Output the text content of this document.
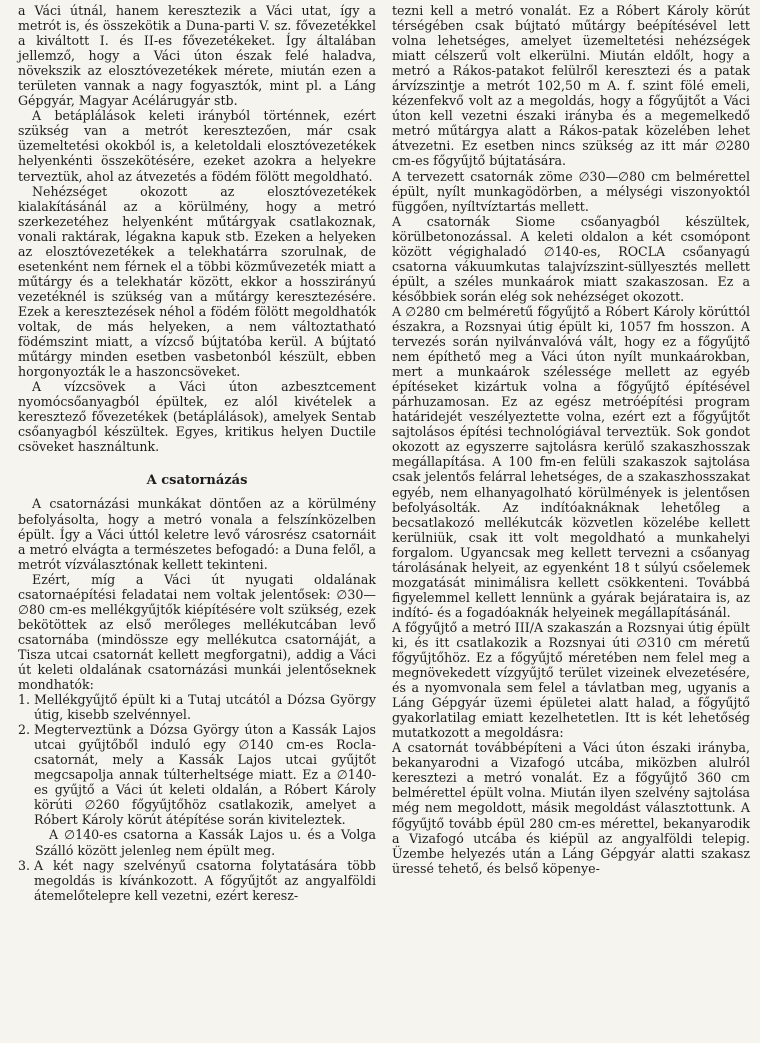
a Váci útnál, hanem keresztezik a Váci utat, így a metrót is, és összekötik a Duna-parti V. sz. fővezetékkel a kiváltott I. és II-es fővezetékeket. Így általában jellemző, hogy a Váci úton észak felé haladva, növekszik az elosztóvezetékek mérete, miután ezen a területen vannak a nagy fogyasztók, mint pl. a Láng Gépgyár, Magyar Acélárugyár stb.

A betáplálások keleti irányból történnek, ezért szükség van a metrót keresztezően, már csak üzemeltetési okokból is, a keletoldali elosztóvezetékek helyenkénti összekötésére, ezeket azokra a helyekre terveztük, ahol az átvezetés a födém fölött megoldható.

Nehézséget okozott az elosztóvezetékek kialakításánál az a körülmény, hogy a metró szerkezetéhez helyenként műtárgyak csatlakoznak, vonali raktárak, légakna kapuk stb. Ezeken a helyeken az elosztóvezetékek a telekhatárra szorulnak, de esetenként nem férnek el a többi közművezeték miatt a műtárgy és a telekhatár között, ekkor a hosszirányú vezetéknél is szükség van a műtárgy keresztezésére. Ezek a keresztezések néhol a födém fölött megoldhatók voltak, de más helyeken, a nem változtatható födémszint miatt, a vízcső bújtatóba kerül. A bújtató műtárgy minden esetben vasbetonból készült, ebben horgonyozták le a haszoncsöveket.

A vízcsövek a Váci úton azbesztcement nyomócsőanyagból épültek, ez alól kivételek a keresztező fővezetékek (betáplálások), amelyek Sentab csőanyagból készültek. Egyes, kritikus helyen Ductile csöveket használtunk.

A csatornázás

A csatornázási munkákat döntően az a körülmény befolyásolta, hogy a metró vonala a felszínközelben épült. Így a Váci úttól keletre levő városrész csatornáit a metró elvágta a természetes befogadó: a Duna felől, a metrót vízválasztónak kellett tekinteni.

Ezért, míg a Váci út nyugati oldalának csatornaépítési feladatai nem voltak jelentősek: ∅30—∅80 cm-es mellékgyűjtők kiépítésére volt szükség, ezek bekötöttek az első merőleges mellékutcában levő csatornába (mindössze egy mellékutca csatornáját, a Tisza utcai csatornát kellett megforgatni), addig a Váci út keleti oldalának csatornázási munkái jelentőseknek mondhatók:

1. Mellékgyűjtő épült ki a Tutaj utcától a Dózsa György útig, kisebb szelvénnyel.
2. Megterveztünk a Dózsa György úton a Kassák Lajos utcai gyűjtőből induló egy ∅140 cm-es Rocla-csatornát, mely a Kassák Lajos utcai gyűjtőt megcsapolja annak túlterheltsége miatt. Ez a ∅140-es gyűjtő a Váci út keleti oldalán, a Róbert Károly körúti ∅260 főgyűjtőhöz csatlakozik, amelyet a Róbert Károly körút átépítése során kiviteleztek.

A ∅140-es csatorna a Kassák Lajos u. és a Volga Szálló között jelenleg nem épült meg.

3. A két nagy szelvényű csatorna folytatására több megoldás is kívánkozott. A főgyűjtőt az angyalföldi átemelőtelepre kell vezetni, ezért keresz-

tezni kell a metró vonalát. Ez a Róbert Károly körút térségében csak bújtató műtárgy beépítésével lett volna lehetséges, amelyet üzemeltetési nehézségek miatt célszerű volt elkerülni. Miután eldőlt, hogy a metró a Rákos-patakot felülről keresztezi és a patak árvízszintje a metrót 102,50 m A. f. szint fölé emeli, kézenfekvő volt az a megoldás, hogy a főgyűjtőt a Váci úton kell vezetni északi irányba és a megemelkedő metró műtárgya alatt a Rákos-patak közelében lehet átvezetni. Ez esetben nincs szükség az itt már ∅280 cm-es főgyűjtő bújtatására.

A tervezett csatornák zöme ∅30—∅80 cm belmérettel épült, nyílt munkagödörben, a mélységi viszonyoktól függően, nyíltvíztartás mellett.

A csatornák Siome csőanyagból készültek, körülbetonozással. A keleti oldalon a két csomópont között végighaladó ∅140-es, ROCLA csőanyagú csatorna vákuumkutas talajvízszint-süllyesztés mellett épült, a széles munkaárok miatt szakaszosan. Ez a későbbiek során elég sok nehézséget okozott.

A ∅280 cm belméretű főgyűjtő a Róbert Károly körúttól északra, a Rozsnyai útig épült ki, 1057 fm hosszon. A tervezés során nyilvánvalóvá vált, hogy ez a főgyűjtő nem építhető meg a Váci úton nyílt munkaárokban, mert a munkaárok szélessége mellett az egyéb építéseket kizártuk volna a főgyűjtő építésével párhuzamosan. Ez az egész metróépítési program határidejét veszélyeztette volna, ezért ezt a főgyűjtőt sajtolásos építési technológiával terveztük. Sok gondot okozott az egyszerre sajtolásra kerülő szakaszhosszak megállapítása. A 100 fm-en felüli szakaszok sajtolása csak jelentős felárral lehetséges, de a szakaszhosszakat egyéb, nem elhanyagolható körülmények is jelentősen befolyásolták. Az indítóaknáknak lehetőleg a becsatlakozó mellékutcák közvetlen közelébe kellett kerülniük, csak itt volt megoldható a munkahelyi forgalom. Ugyancsak meg kellett tervezni a csőanyag tárolásának helyeit, az egyenként 18 t súlyú csőelemek mozgatását minimálisra kellett csökkenteni. Továbbá figyelemmel kellett lennünk a gyárak bejárataira is, az indító- és a fogadóaknák helyeinek megállapításánál.

A főgyűjtő a metró III/A szakaszán a Rozsnyai útig épült ki, és itt csatlakozik a Rozsnyai úti ∅310 cm méretű főgyűjtőhöz. Ez a főgyűjtő méretében nem felel meg a megnövekedett vízgyűjtő terület vizeinek elvezetésére, és a nyomvonala sem felel a távlatban meg, ugyanis a Láng Gépgyár üzemi épületei alatt halad, a főgyűjtő gyakorlatilag emiatt kezelhetetlen. Itt is két lehetőség mutatkozott a megoldásra:

A csatornát továbbépíteni a Váci úton északi irányba, bekanyarodni a Vizafogó utcába, miközben alulról keresztezi a metró vonalát. Ez a főgyűjtő 360 cm belmérettel épült volna. Miután ilyen szelvény sajtolása még nem megoldott, másik megoldást választottunk. A főgyűjtő tovább épül 280 cm-es mérettel, bekanyarodik a Vizafogó utcába és kiépül az angyalföldi telepig. Üzembe helyezés után a Láng Gépgyár alatti szakasz üressé tehető, és belső köpenye-
